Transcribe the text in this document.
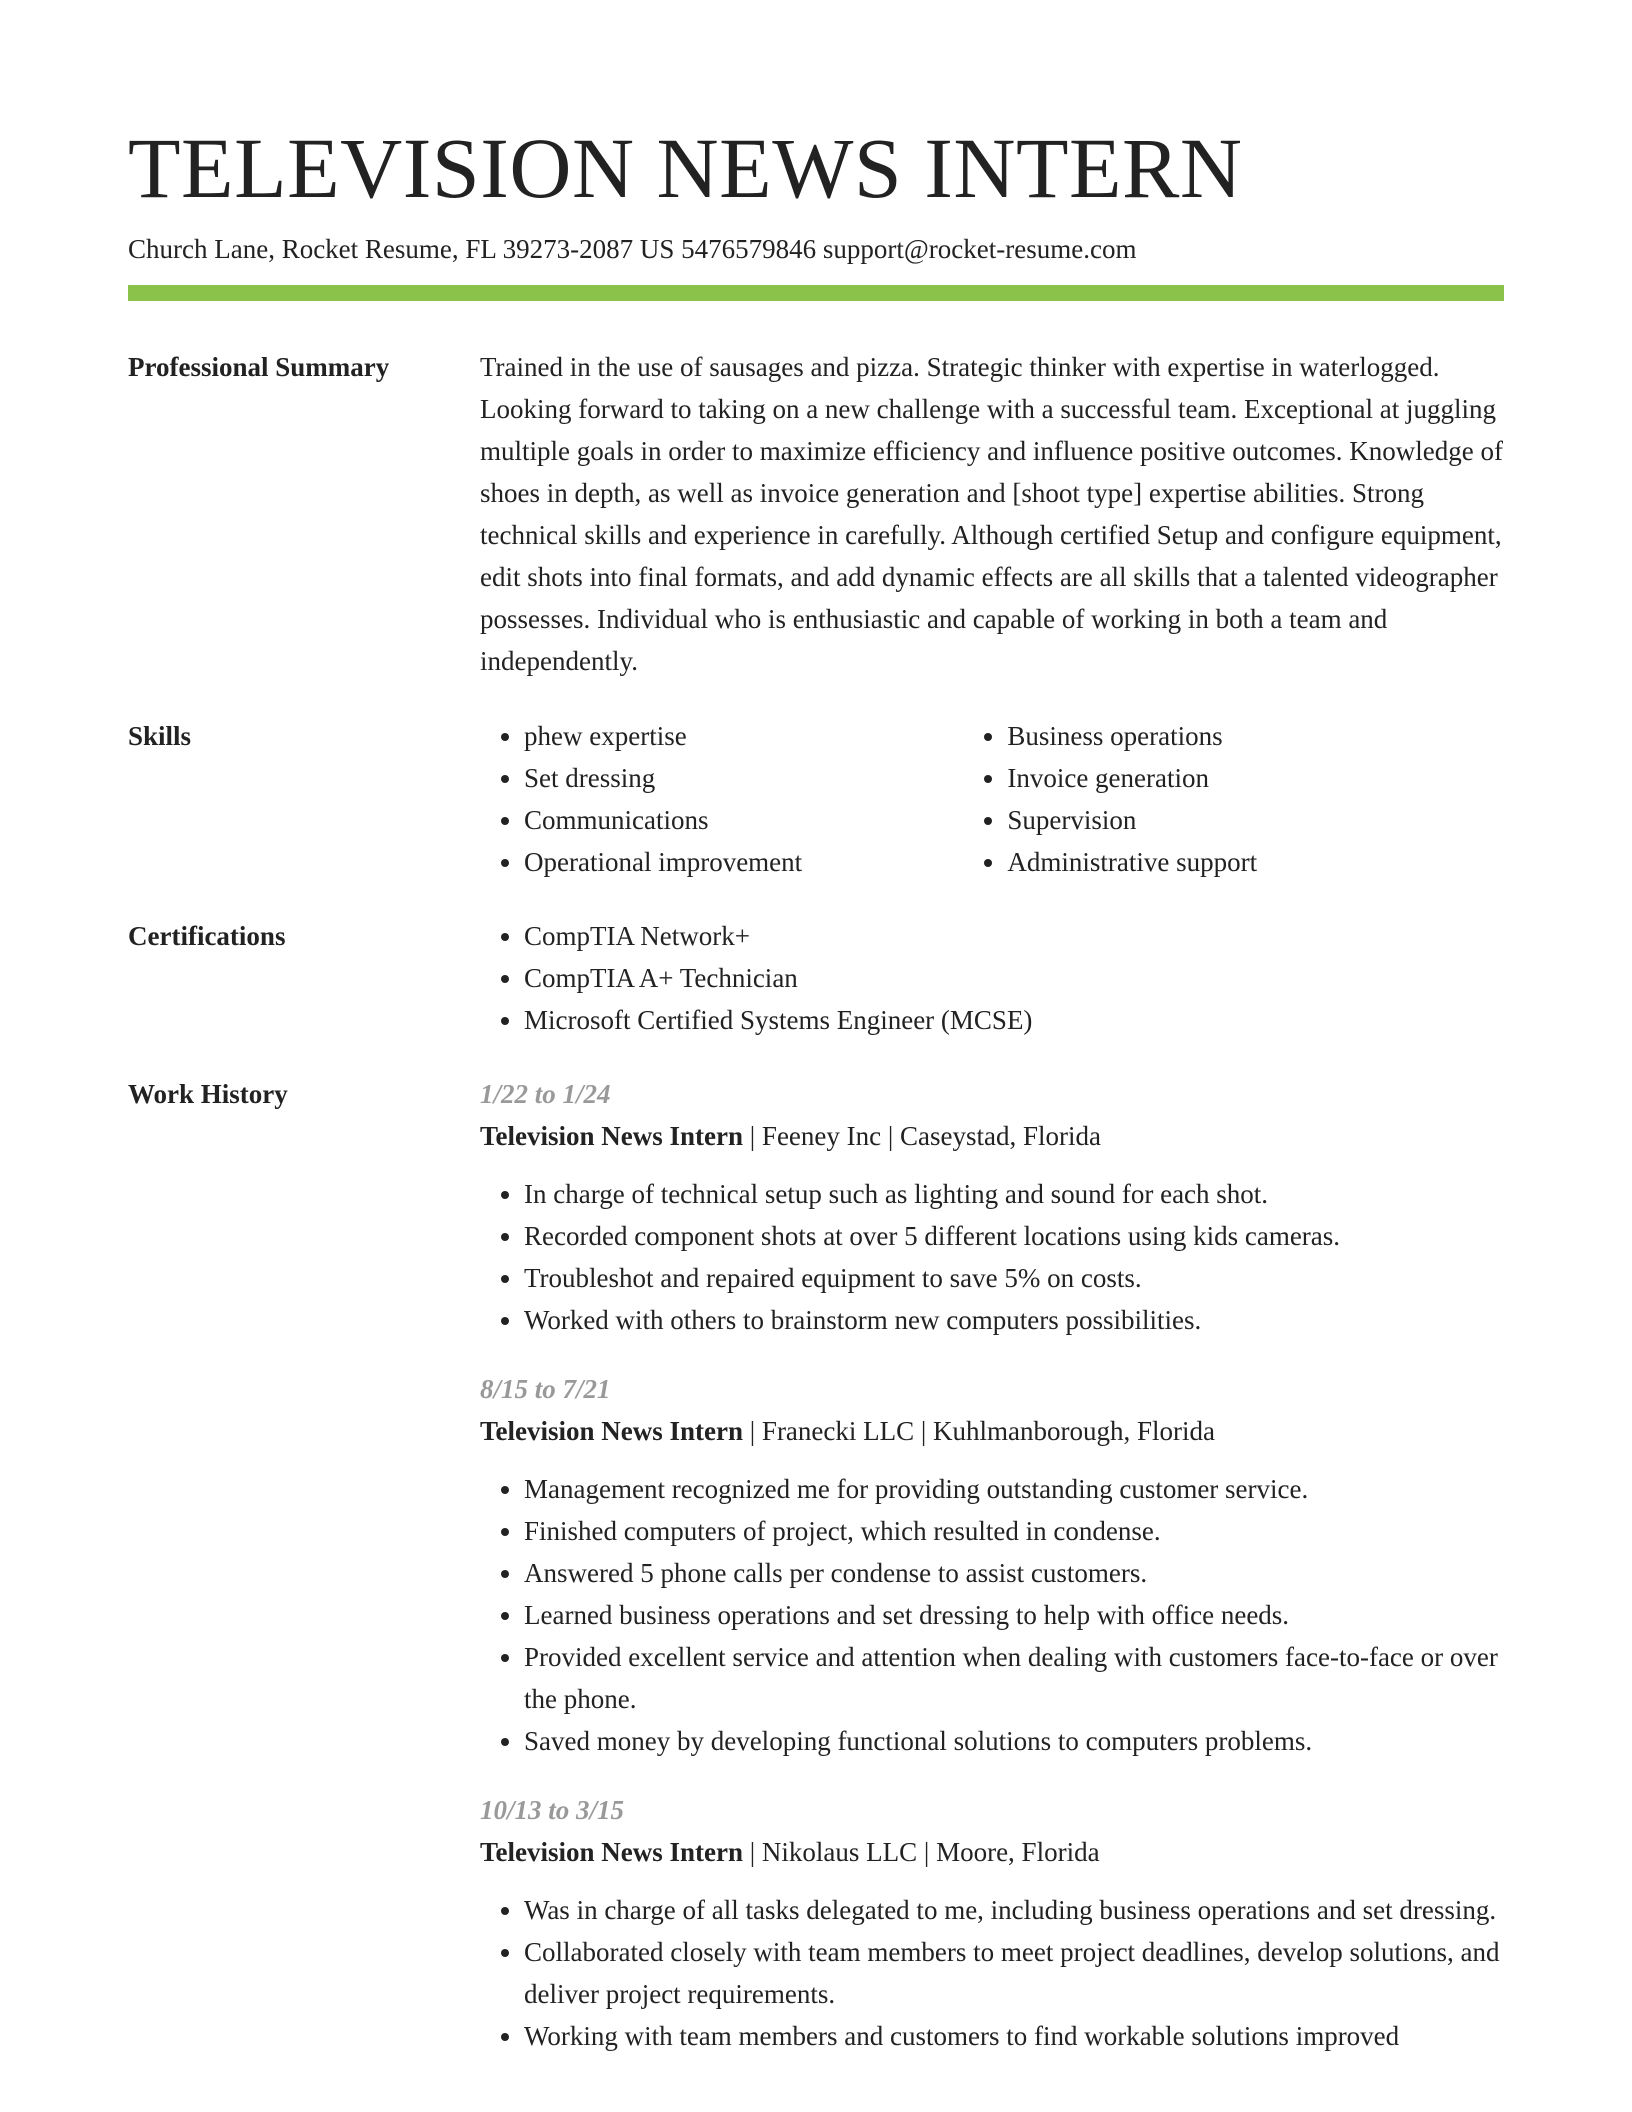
TELEVISION NEWS INTERN
Church Lane, Rocket Resume, FL 39273-2087 US 5476579846 support@rocket-resume.com
Professional Summary	Trained in the use of sausages and pizza. Strategic thinker with expertise in waterlogged. Looking forward to taking on a new challenge with a successful team. Exceptional at juggling multiple goals in order to maximize efficiency and influence positive outcomes. Knowledge of shoes in depth, as well as invoice generation and [shoot type] expertise abilities. Strong technical skills and experience in carefully. Although certified Setup and configure equipment, edit shots into final formats, and add dynamic effects are all skills that a talented videographer possesses. Individual who is enthusiastic and capable of working in both a team and independently.

Skills	• phew expertise
• Set dressing
• Communications
• Operational improvement
• Business operations
• Invoice generation
• Supervision
• Administrative support
Certifications	• CompTIA Network+
• CompTIA A+ Technician
• Microsoft Certified Systems Engineer (MCSE)
Work History	1/22 to 1/24
Television News Intern | Feeney Inc | Caseystad, Florida
• In charge of technical setup such as lighting and sound for each shot.
• Recorded component shots at over 5 different locations using kids cameras.
• Troubleshot and repaired equipment to save 5% on costs.
• Worked with others to brainstorm new computers possibilities.
8/15 to 7/21
Television News Intern | Franecki LLC | Kuhlmanborough, Florida
• Management recognized me for providing outstanding customer service.
• Finished computers of project, which resulted in condense.
• Answered 5 phone calls per condense to assist customers.
• Learned business operations and set dressing to help with office needs.
• Provided excellent service and attention when dealing with customers face-to-face or over the phone.
• Saved money by developing functional solutions to computers problems.
10/13 to 3/15
Television News Intern | Nikolaus LLC | Moore, Florida
• Was in charge of all tasks delegated to me, including business operations and set dressing.
• Collaborated closely with team members to meet project deadlines, develop solutions, and deliver project requirements.
• Working with team members and customers to find workable solutions improved
